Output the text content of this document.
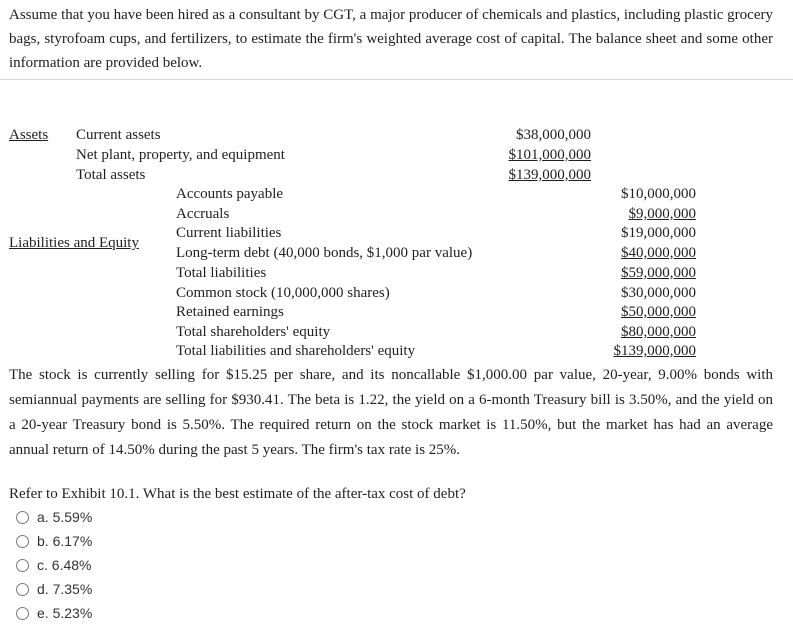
Assume that you have been hired as a consultant by CGT, a major producer of chemicals and plastics, including plastic grocery bags, styrofoam cups, and fertilizers, to estimate the firm's weighted average cost of capital. The balance sheet and some other information are provided below.
Assets
Liabilities and Equity
Current assets
Net plant, property, and equipment
Total assets
$38,000,000
$101,000,000
$139,000,000
Accounts payable
Accruals
Current liabilities
Long-term debt (40,000 bonds, $1,000 par value)
Total liabilities
Common stock (10,000,000 shares)
Retained earnings
Total shareholders' equity
Total liabilities and shareholders' equity
$10,000,000
$9,000,000
$19,000,000
$40,000,000
$59,000,000
$30,000,000
$50,000,000
$80,000,000
$139,000,000
The stock is currently selling for $15.25 per share, and its noncallable $1,000.00 par value, 20-year, 9.00% bonds with semiannual payments are selling for $930.41. The beta is 1.22, the yield on a 6-month Treasury bill is 3.50%, and the yield on a 20-year Treasury bond is 5.50%. The required return on the stock market is 11.50%, but the market has had an average annual return of 14.50% during the past 5 years. The firm's tax rate is 25%.
Refer to Exhibit 10.1. What is the best estimate of the after-tax cost of debt?
a. 5.59%
b. 6.17%
c. 6.48%
d. 7.35%
e. 5.23%
